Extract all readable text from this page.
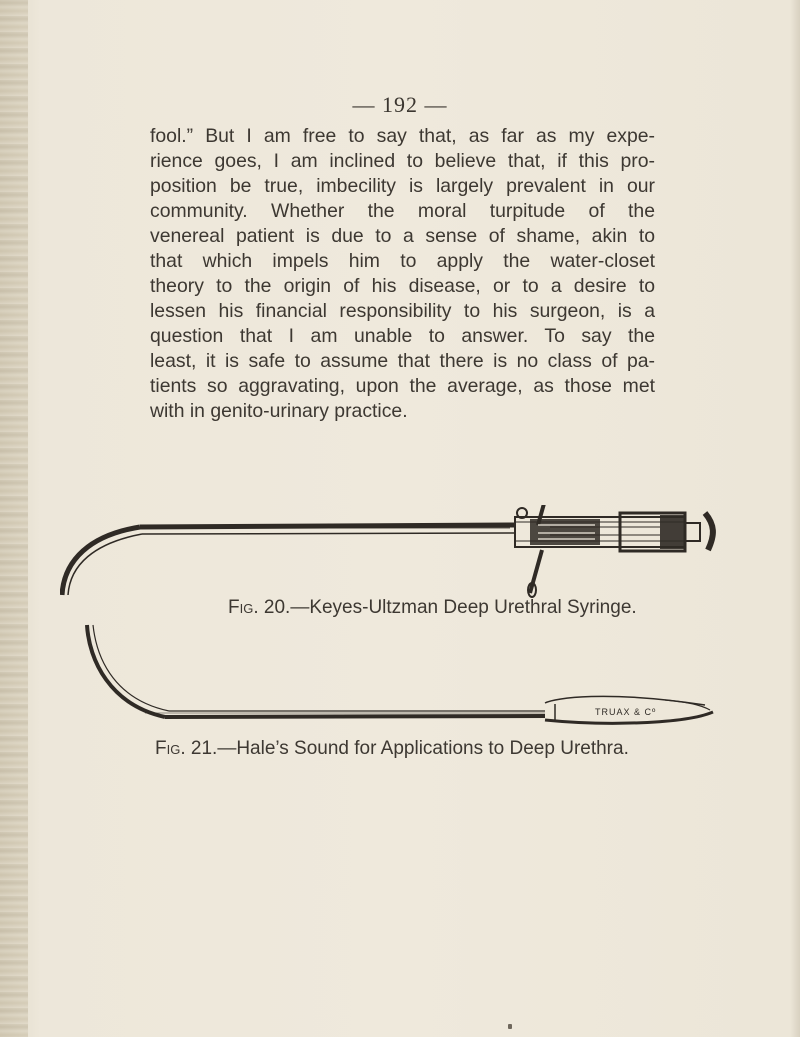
— 192 —
fool.” But I am free to say that, as far as my expe-
rience goes, I am inclined to believe that, if this pro-
position be true, imbecility is largely prevalent in our
community. Whether the moral turpitude of the
venereal patient is due to a sense of shame, akin to
that which impels him to apply the water-closet
theory to the origin of his disease, or to a desire to
lessen his financial responsibility to his surgeon, is a
question that I am unable to answer. To say the
least, it is safe to assume that there is no class of pa-
tients so aggravating, upon the average, as those met
with in genito-urinary practice.
Fig. 20.—Keyes-Ultzman Deep Urethral Syringe.
TRUAX & Cº
Fig. 21.—Hale’s Sound for Applications to Deep Urethra.
